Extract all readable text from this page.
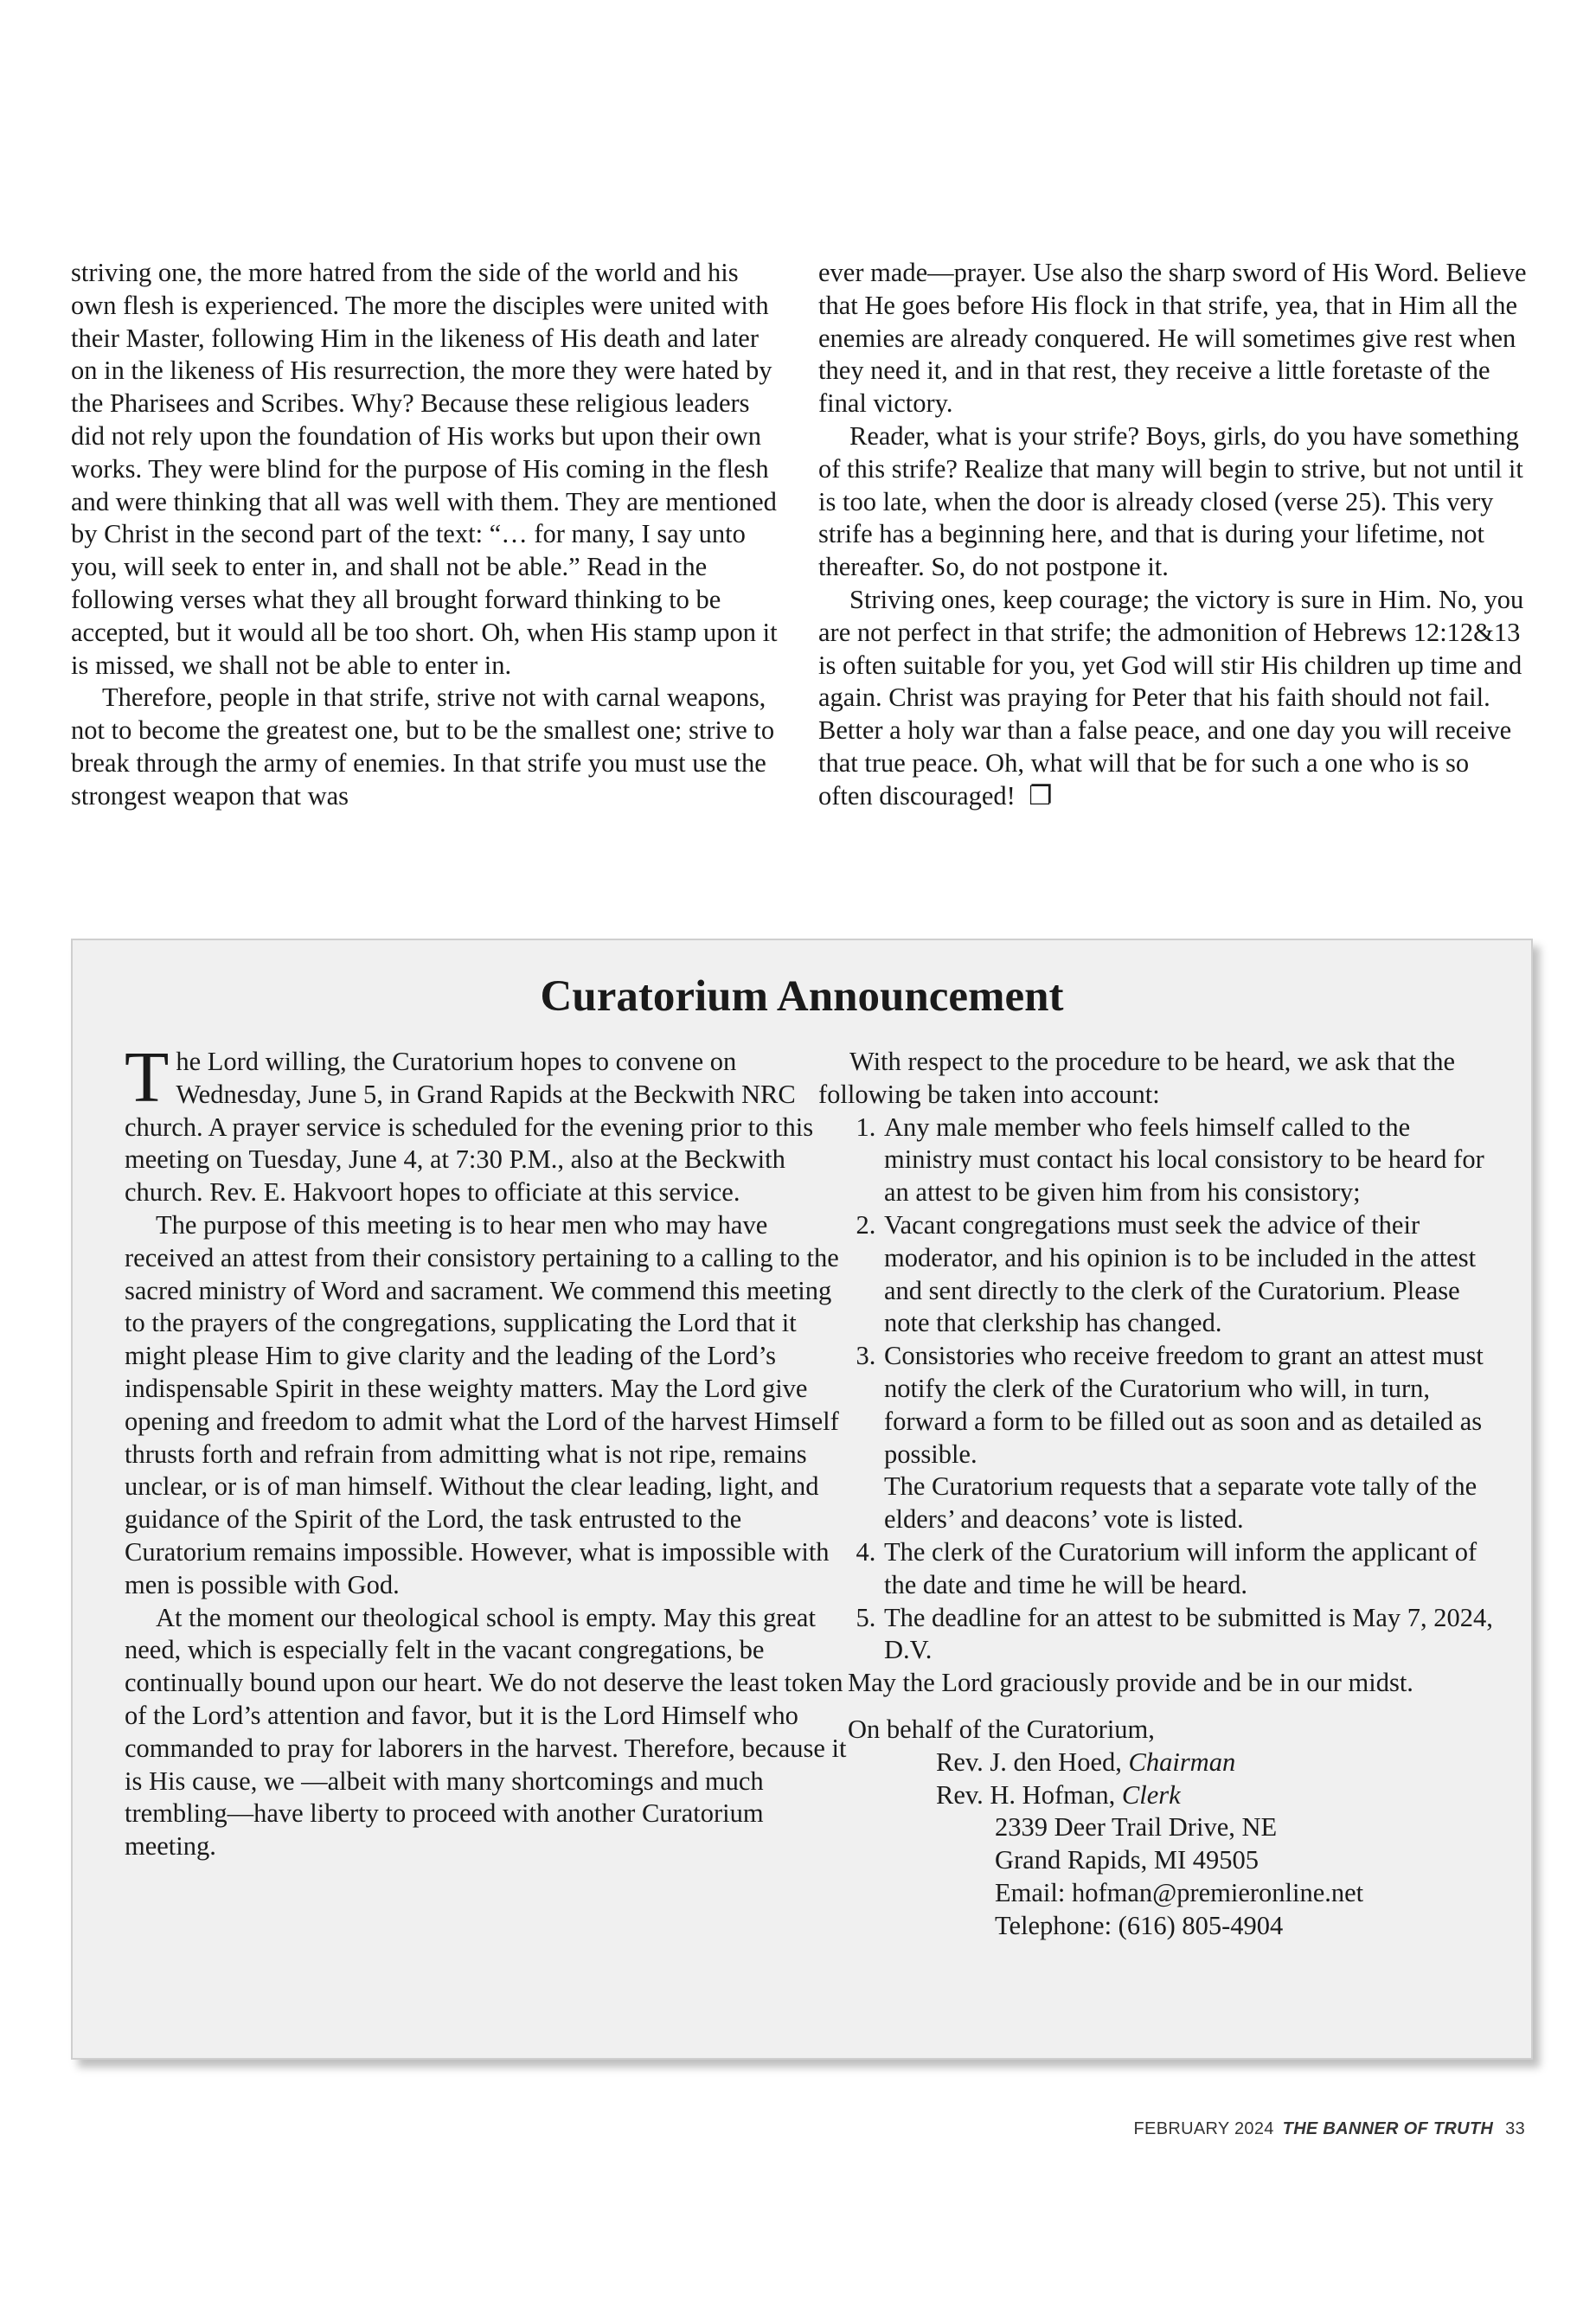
striving one, the more hatred from the side of the world and his own flesh is experienced. The more the disciples were united with their Master, following Him in the likeness of His death and later on in the likeness of His resurrection, the more they were hated by the Pharisees and Scribes. Why? Because these religious leaders did not rely upon the foundation of His works but upon their own works. They were blind for the purpose of His coming in the flesh and were thinking that all was well with them. They are mentioned by Christ in the second part of the text: “… for many, I say unto you, will seek to enter in, and shall not be able.” Read in the following verses what they all brought forward thinking to be accepted, but it would all be too short. Oh, when His stamp upon it is missed, we shall not be able to enter in.

Therefore, people in that strife, strive not with carnal weapons, not to become the greatest one, but to be the smallest one; strive to break through the army of enemies. In that strife you must use the strongest weapon that was

ever made—prayer. Use also the sharp sword of His Word. Believe that He goes before His flock in that strife, yea, that in Him all the enemies are already conquered. He will sometimes give rest when they need it, and in that rest, they receive a little foretaste of the final victory.

Reader, what is your strife? Boys, girls, do you have something of this strife? Realize that many will begin to strive, but not until it is too late, when the door is already closed (verse 25). This very strife has a beginning here, and that is during your lifetime, not thereafter. So, do not postpone it.

Striving ones, keep courage; the victory is sure in Him. No, you are not perfect in that strife; the admonition of Hebrews 12:12&13 is often suitable for you, yet God will stir His children up time and again. Christ was praying for Peter that his faith should not fail. Better a holy war than a false peace, and one day you will receive that true peace. Oh, what will that be for such a one who is so often discouraged! ❐

Curatorium Announcement

The Lord willing, the Curatorium hopes to convene on Wednesday, June 5, in Grand Rapids at the Beckwith NRC church. A prayer service is scheduled for the evening prior to this meeting on Tuesday, June 4, at 7:30 P.M., also at the Beckwith church. Rev. E. Hakvoort hopes to officiate at this service.

The purpose of this meeting is to hear men who may have received an attest from their consistory pertaining to a calling to the sacred ministry of Word and sacrament. We commend this meeting to the prayers of the congregations, supplicating the Lord that it might please Him to give clarity and the leading of the Lord’s indispensable Spirit in these weighty matters. May the Lord give opening and freedom to admit what the Lord of the harvest Himself thrusts forth and refrain from admitting what is not ripe, remains unclear, or is of man himself. Without the clear leading, light, and guidance of the Spirit of the Lord, the task entrusted to the Curatorium remains impossible. However, what is impossible with men is possible with God.

At the moment our theological school is empty. May this great need, which is especially felt in the vacant congregations, be continually bound upon our heart. We do not deserve the least token of the Lord’s attention and favor, but it is the Lord Himself who commanded to pray for laborers in the harvest. Therefore, because it is His cause, we —albeit with many shortcomings and much trembling—have liberty to proceed with another Curatorium meeting.

With respect to the procedure to be heard, we ask that the following be taken into account:

1. Any male member who feels himself called to the ministry must contact his local consistory to be heard for an attest to be given him from his consistory;
2. Vacant congregations must seek the advice of their moderator, and his opinion is to be included in the attest and sent directly to the clerk of the Curatorium. Please note that clerkship has changed.
3. Consistories who receive freedom to grant an attest must notify the clerk of the Curatorium who will, in turn, forward a form to be filled out as soon and as detailed as possible.
The Curatorium requests that a separate vote tally of the elders’ and deacons’ vote is listed.
4. The clerk of the Curatorium will inform the applicant of the date and time he will be heard.
5. The deadline for an attest to be submitted is May 7, 2024, D.V.

May the Lord graciously provide and be in our midst.

On behalf of the Curatorium,
Rev. J. den Hoed, Chairman
Rev. H. Hofman, Clerk
2339 Deer Trail Drive, NE
Grand Rapids, MI 49505
Email: hofman@premieronline.net
Telephone: (616) 805-4904
FEBRUARY 2024 THE BANNER OF TRUTH 33
